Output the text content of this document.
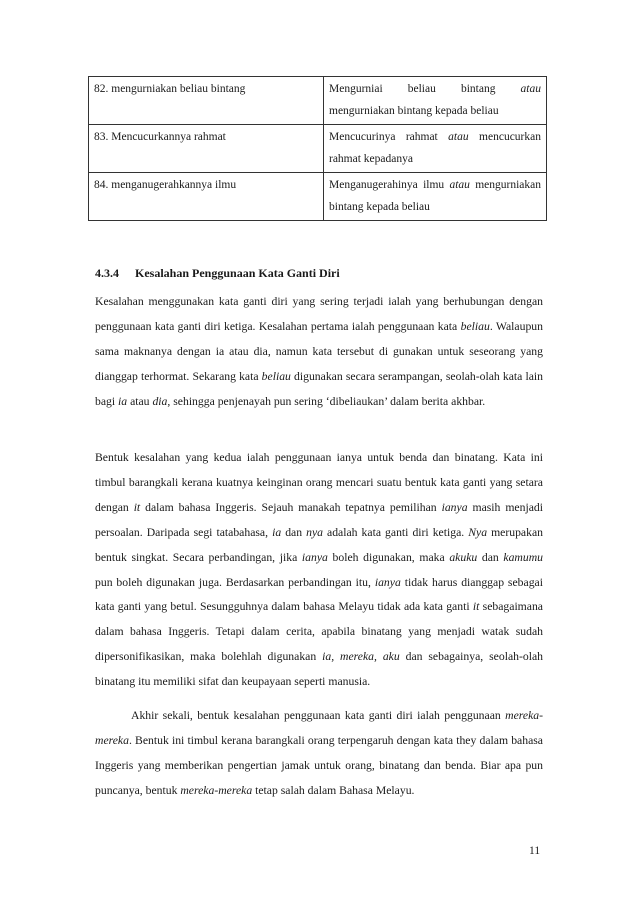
82. mengurniakan beliau bintang	Mengurniai beliau bintang atau mengurniakan bintang kepada beliau
83. Mencucurkannya rahmat	Mencucurinya rahmat atau mencucurkan rahmat kepadanya
84. menganugerahkannya ilmu	Menganugerahinya ilmu atau mengurniakan bintang kepada beliau
4.3.4 Kesalahan Penggunaan Kata Ganti Diri

Kesalahan menggunakan kata ganti diri yang sering terjadi ialah yang berhubungan dengan penggunaan kata ganti diri ketiga. Kesalahan pertama ialah penggunaan kata beliau. Walaupun sama maknanya dengan ia atau dia, namun kata tersebut di gunakan untuk seseorang yang dianggap terhormat. Sekarang kata beliau digunakan secara serampangan, seolah-olah kata lain bagi ia atau dia, sehingga penjenayah pun sering ‘dibeliaukan’ dalam berita akhbar.

Bentuk kesalahan yang kedua ialah penggunaan ianya untuk benda dan binatang. Kata ini timbul barangkali kerana kuatnya keinginan orang mencari suatu bentuk kata ganti yang setara dengan it dalam bahasa Inggeris. Sejauh manakah tepatnya pemilihan ianya masih menjadi persoalan. Daripada segi tatabahasa, ia dan nya adalah kata ganti diri ketiga. Nya merupakan bentuk singkat. Secara perbandingan, jika ianya boleh digunakan, maka akuku dan kamumu pun boleh digunakan juga. Berdasarkan perbandingan itu, ianya tidak harus dianggap sebagai kata ganti yang betul. Sesungguhnya dalam bahasa Melayu tidak ada kata ganti it sebagaimana dalam bahasa Inggeris. Tetapi dalam cerita, apabila binatang yang menjadi watak sudah dipersonifikasikan, maka bolehlah digunakan ia, mereka, aku dan sebagainya, seolah-olah binatang itu memiliki sifat dan keupayaan seperti manusia.

Akhir sekali, bentuk kesalahan penggunaan kata ganti diri ialah penggunaan mereka-mereka. Bentuk ini timbul kerana barangkali orang terpengaruh dengan kata they dalam bahasa Inggeris yang memberikan pengertian jamak untuk orang, binatang dan benda. Biar apa pun puncanya, bentuk mereka-mereka tetap salah dalam Bahasa Melayu.

11
